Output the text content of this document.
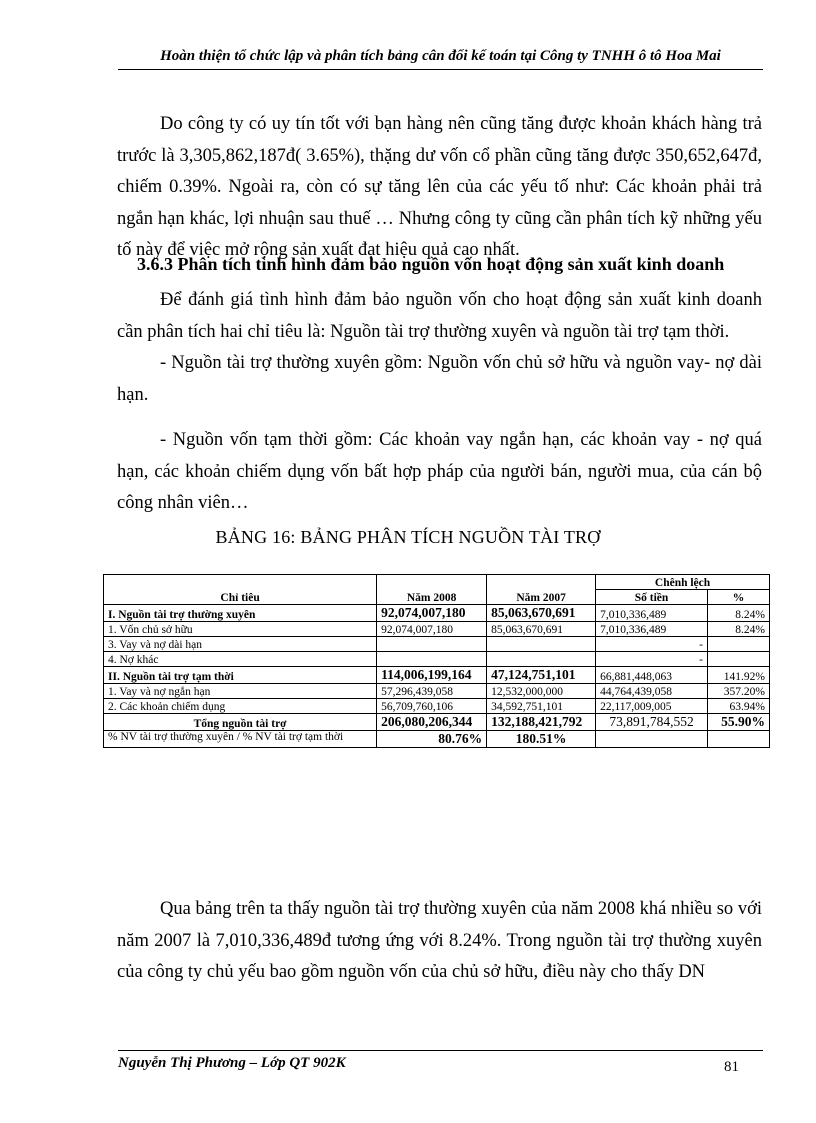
Hoàn thiện tổ chức lập và phân tích bảng cân đối kế toán tại Công ty TNHH ô tô Hoa Mai

Do công ty có uy tín tốt với bạn hàng nên cũng tăng được khoản khách hàng trả trước là 3,305,862,187đ( 3.65%), thặng dư vốn cổ phần cũng tăng được 350,652,647đ, chiếm 0.39%. Ngoài ra, còn có sự tăng lên của các yếu tố như: Các khoản phải trả ngắn hạn khác, lợi nhuận sau thuế … Nhưng công ty cũng cần phân tích kỹ những yếu tố này để việc mở rộng sản xuất đạt hiệu quả cao nhất.

3.6.3 Phân tích tình hình đảm bảo nguồn vốn hoạt động sản xuất kinh doanh

Để đánh giá tình hình đảm bảo nguồn vốn cho hoạt động sản xuất kinh doanh cần phân tích hai chỉ tiêu là: Nguồn tài trợ thường xuyên và nguồn tài trợ tạm thời.

- Nguồn tài trợ thường xuyên gồm: Nguồn vốn chủ sở hữu và nguồn vay- nợ dài hạn.

- Nguồn vốn tạm thời gồm: Các khoản vay ngắn hạn, các khoản vay - nợ quá hạn, các khoản chiếm dụng vốn bất hợp pháp của người bán, người mua, của cán bộ công nhân viên…

BẢNG 16: BẢNG PHÂN TÍCH NGUỒN TÀI TRỢ
Chỉ tiêu	Năm 2008	Năm 2007	Chênh lệch	
			Số tiền	%
I. Nguồn tài trợ thường xuyên	92,074,007,180	85,063,670,691	7,010,336,489	8.24%
1. Vốn chủ sở hữu	92,074,007,180	85,063,670,691	7,010,336,489	8.24%
3. Vay và nợ dài hạn			-	
4. Nợ khác			-	
II. Nguồn tài trợ tạm thời	114,006,199,164	47,124,751,101	66,881,448,063	141.92%
1. Vay và nợ ngắn hạn	57,296,439,058	12,532,000,000	44,764,439,058	357.20%
2. Các khoản chiếm dụng	56,709,760,106	34,592,751,101	22,117,009,005	63.94%
Tổng nguồn tài trợ	206,080,206,344	132,188,421,792	73,891,784,552	55.90%
% NV tài trợ thường xuyên / % NV tài trợ tạm thời	80.76%	180.51%		

Qua bảng trên ta thấy nguồn tài trợ thường xuyên của năm 2008 khá nhiều so với năm 2007 là 7,010,336,489đ tương ứng với 8.24%. Trong nguồn tài trợ thường xuyên của công ty chủ yếu bao gồm nguồn vốn của chủ sở hữu, điều này cho thấy DN

Nguyễn Thị Phương – Lớp QT 902K	81
